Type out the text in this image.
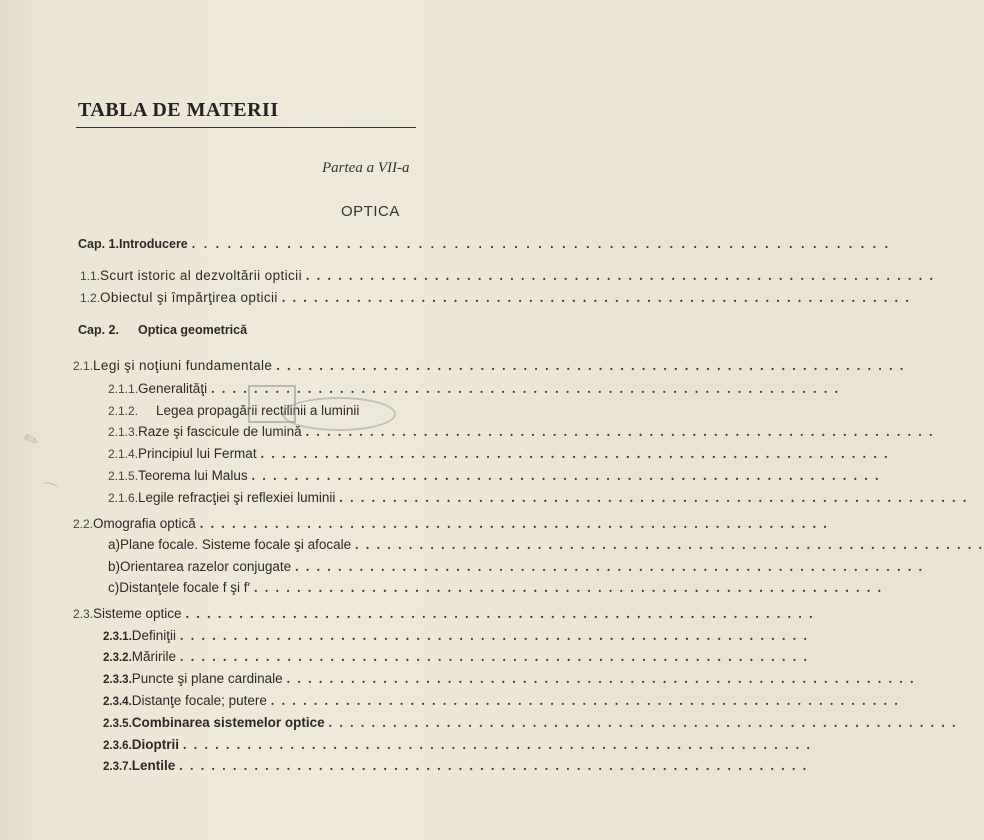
TABLA DE MATERII
Partea a VII-a
OPTICA
Cap. 1. Introducere . . . . . . . . . . . . . . . . . . . . . . . . . . . . . . . . . . . . . . . . . . . . . . . . . . . . . . . . . . .
1.1. Scurt istoric al dezvoltării opticii . . . . . . . . . . . . . . . . . . . . . . . . . . . . . . . . . . . . . . . . . . . . . . . . . . . . . . . . . . .
1.2. Obiectul şi împărţirea opticii . . . . . . . . . . . . . . . . . . . . . . . . . . . . . . . . . . . . . . . . . . . . . . . . . . . . . . . . . . .
Cap. 2.	Optica geometrică
2.1. Legi şi noţiuni fundamentale . . . . . . . . . . . . . . . . . . . . . . . . . . . . . . . . . . . . . . . . . . . . . . . . . . . . . . . . . . .
2.1.1. Generalităţi . . . . . . . . . . . . . . . . . . . . . . . . . . . . . . . . . . . . . . . . . . . . . . . . . . . . . . . . . . .
2.1.2.	Legea propagării rectilinii a luminii
2.1.3. Raze şi fascicule de lumină . . . . . . . . . . . . . . . . . . . . . . . . . . . . . . . . . . . . . . . . . . . . . . . . . . . . . . . . . . .
2.1.4. Principiul lui Fermat . . . . . . . . . . . . . . . . . . . . . . . . . . . . . . . . . . . . . . . . . . . . . . . . . . . . . . . . . . .
2.1.5. Teorema lui Malus . . . . . . . . . . . . . . . . . . . . . . . . . . . . . . . . . . . . . . . . . . . . . . . . . . . . . . . . . . .
2.1.6. Legile refracţiei şi reflexiei luminii . . . . . . . . . . . . . . . . . . . . . . . . . . . . . . . . . . . . . . . . . . . . . . . . . . . . . . . . . . .
2.2. Omografia optică . . . . . . . . . . . . . . . . . . . . . . . . . . . . . . . . . . . . . . . . . . . . . . . . . . . . . . . . . . .
a) Plane focale. Sisteme focale şi afocale . . . . . . . . . . . . . . . . . . . . . . . . . . . . . . . . . . . . . . . . . . . . . . . . . . . . . . . . . . .
b) Orientarea razelor conjugate . . . . . . . . . . . . . . . . . . . . . . . . . . . . . . . . . . . . . . . . . . . . . . . . . . . . . . . . . . .
c) Distanţele focale f şi f′ . . . . . . . . . . . . . . . . . . . . . . . . . . . . . . . . . . . . . . . . . . . . . . . . . . . . . . . . . . .
2.3. Sisteme optice . . . . . . . . . . . . . . . . . . . . . . . . . . . . . . . . . . . . . . . . . . . . . . . . . . . . . . . . . . .
2.3.1. Definiţii . . . . . . . . . . . . . . . . . . . . . . . . . . . . . . . . . . . . . . . . . . . . . . . . . . . . . . . . . . .
2.3.2. Măririle . . . . . . . . . . . . . . . . . . . . . . . . . . . . . . . . . . . . . . . . . . . . . . . . . . . . . . . . . . .
2.3.3. Puncte şi plane cardinale . . . . . . . . . . . . . . . . . . . . . . . . . . . . . . . . . . . . . . . . . . . . . . . . . . . . . . . . . . .
2.3.4. Distanţe focale; putere . . . . . . . . . . . . . . . . . . . . . . . . . . . . . . . . . . . . . . . . . . . . . . . . . . . . . . . . . . .
2.3.5. Combinarea sistemelor optice . . . . . . . . . . . . . . . . . . . . . . . . . . . . . . . . . . . . . . . . . . . . . . . . . . . . . . . . . . .
2.3.6. Dioptrii . . . . . . . . . . . . . . . . . . . . . . . . . . . . . . . . . . . . . . . . . . . . . . . . . . . . . . . . . . .
2.3.7. Lentile . . . . . . . . . . . . . . . . . . . . . . . . . . . . . . . . . . . . . . . . . . . . . . . . . . . . . . . . . . .
✎
⌒
